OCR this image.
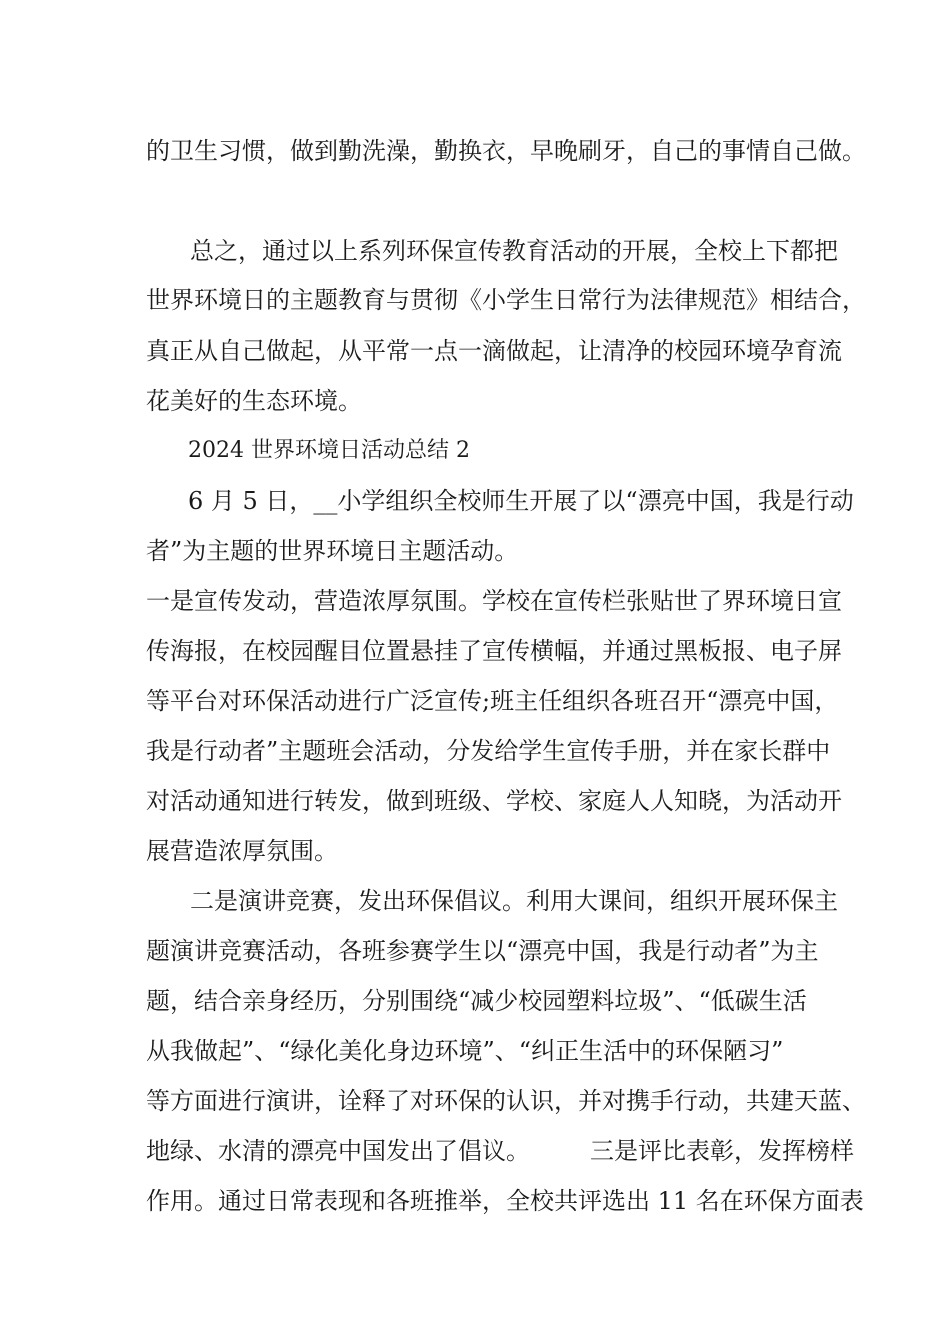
的卫生习惯，做到勤洗澡，勤换衣，早晚刷牙，自己的事情自己做。
总之，通过以上系列环保宣传教育活动的开展，全校上下都把
世界环境日的主题教育与贯彻《小学生日常行为法律规范》相结合，
真正从自己做起，从平常一点一滴做起，让清净的校园环境孕育流
花美好的生态环境。
2024 世界环境日活动总结 2
6 月 5 日，__小学组织全校师生开展了以“漂亮中国，我是行动
者”为主题的世界环境日主题活动。
一是宣传发动，营造浓厚氛围。学校在宣传栏张贴世了界环境日宣
传海报，在校园醒目位置悬挂了宣传横幅，并通过黑板报、电子屏
等平台对环保活动进行广泛宣传;班主任组织各班召开“漂亮中国，
我是行动者”主题班会活动，分发给学生宣传手册，并在家长群中
对活动通知进行转发，做到班级、学校、家庭人人知晓，为活动开
展营造浓厚氛围。
二是演讲竞赛，发出环保倡议。利用大课间，组织开展环保主
题演讲竞赛活动，各班参赛学生以“漂亮中国，我是行动者”为主
题，结合亲身经历，分别围绕“减少校园塑料垃圾”、“低碳生活
从我做起”、“绿化美化身边环境”、“纠正生活中的环保陋习”
等方面进行演讲，诠释了对环保的认识，并对携手行动，共建天蓝、
地绿、水清的漂亮中国发出了倡议。　　　三是评比表彰，发挥榜样
作用。通过日常表现和各班推举，全校共评选出 11 名在环保方面表
